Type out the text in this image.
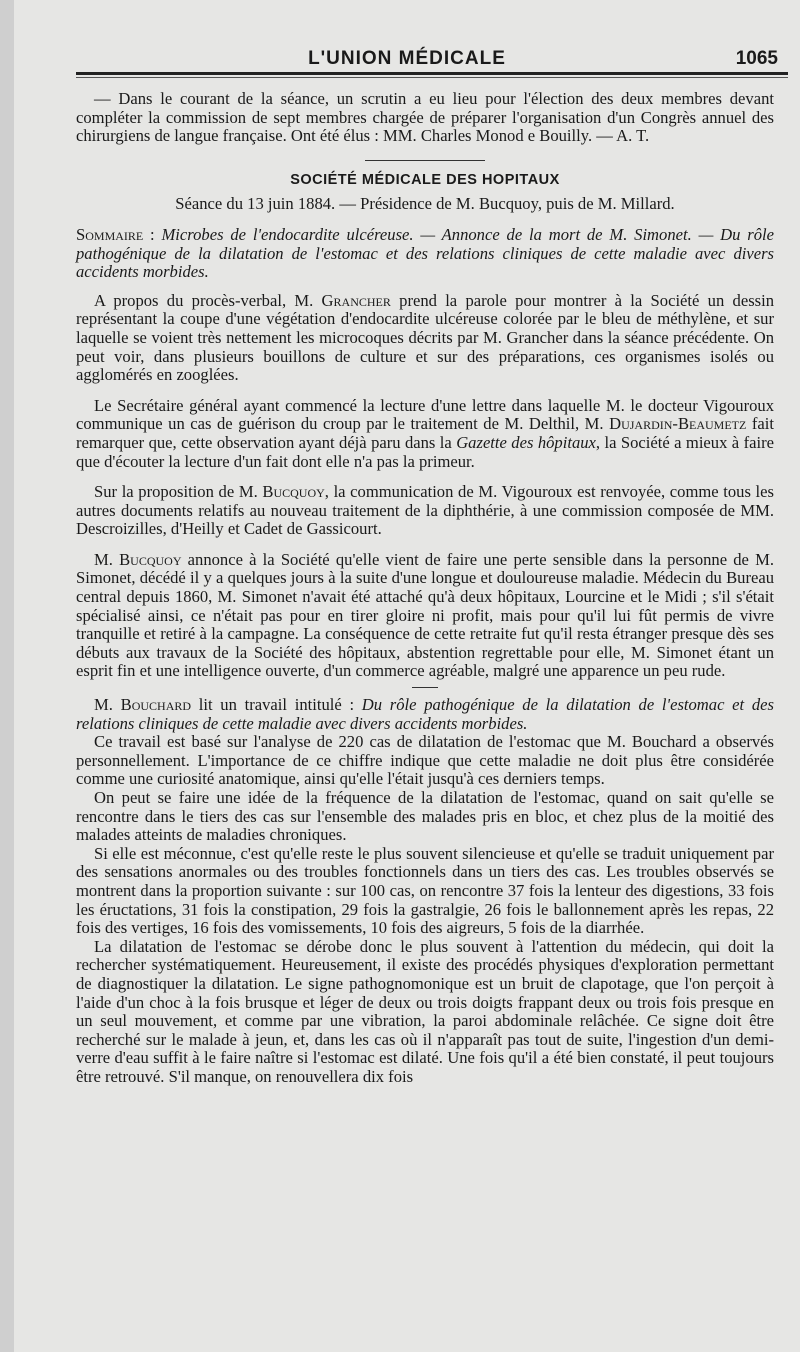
L'UNION MÉDICALE	1065

— Dans le courant de la séance, un scrutin a eu lieu pour l'élection des deux membres devant compléter la commission de sept membres chargée de préparer l'organisation d'un Congrès annuel des chirurgiens de langue française. Ont été élus : MM. Charles Monod e Bouilly. — A. T.

SOCIÉTÉ MÉDICALE DES HOPITAUX
Séance du 13 juin 1884. — Présidence de M. Bucquoy, puis de M. Millard.

Sommaire : Microbes de l'endocardite ulcéreuse. — Annonce de la mort de M. Simonet. — Du rôle pathogénique de la dilatation de l'estomac et des relations cliniques de cette maladie avec divers accidents morbides.

A propos du procès-verbal, M. Grancher prend la parole pour montrer à la Société un dessin représentant la coupe d'une végétation d'endocardite ulcéreuse colorée par le bleu de méthylène, et sur laquelle se voient très nettement les microcoques décrits par M. Grancher dans la séance précédente. On peut voir, dans plusieurs bouillons de culture et sur des préparations, ces organismes isolés ou agglomérés en zooglées.

Le Secrétaire général ayant commencé la lecture d'une lettre dans laquelle M. le docteur Vigouroux communique un cas de guérison du croup par le traitement de M. Delthil, M. Dujardin-Beaumetz fait remarquer que, cette observation ayant déjà paru dans la Gazette des hôpitaux, la Société a mieux à faire que d'écouter la lecture d'un fait dont elle n'a pas la primeur.

Sur la proposition de M. Bucquoy, la communication de M. Vigouroux est renvoyée, comme tous les autres documents relatifs au nouveau traitement de la diphthérie, à une commission composée de MM. Descroizilles, d'Heilly et Cadet de Gassicourt.

M. Bucquoy annonce à la Société qu'elle vient de faire une perte sensible dans la personne de M. Simonet, décédé il y a quelques jours à la suite d'une longue et douloureuse maladie. Médecin du Bureau central depuis 1860, M. Simonet n'avait été attaché qu'à deux hôpitaux, Lourcine et le Midi ; s'il s'était spécialisé ainsi, ce n'était pas pour en tirer gloire ni profit, mais pour qu'il lui fût permis de vivre tranquille et retiré à la campagne. La conséquence de cette retraite fut qu'il resta étranger presque dès ses débuts aux travaux de la Société des hôpitaux, abstention regrettable pour elle, M. Simonet étant un esprit fin et une intelligence ouverte, d'un commerce agréable, malgré une apparence un peu rude.

M. Bouchard lit un travail intitulé : Du rôle pathogénique de la dilatation de l'estomac et des relations cliniques de cette maladie avec divers accidents morbides.

Ce travail est basé sur l'analyse de 220 cas de dilatation de l'estomac que M. Bouchard a observés personnellement. L'importance de ce chiffre indique que cette maladie ne doit plus être considérée comme une curiosité anatomique, ainsi qu'elle l'était jusqu'à ces derniers temps.

On peut se faire une idée de la fréquence de la dilatation de l'estomac, quand on sait qu'elle se rencontre dans le tiers des cas sur l'ensemble des malades pris en bloc, et chez plus de la moitié des malades atteints de maladies chroniques.

Si elle est méconnue, c'est qu'elle reste le plus souvent silencieuse et qu'elle se traduit uniquement par des sensations anormales ou des troubles fonctionnels dans un tiers des cas. Les troubles observés se montrent dans la proportion suivante : sur 100 cas, on rencontre 37 fois la lenteur des digestions, 33 fois les éructations, 31 fois la constipation, 29 fois la gastralgie, 26 fois le ballonnement après les repas, 22 fois des vertiges, 16 fois des vomissements, 10 fois des aigreurs, 5 fois de la diarrhée.

La dilatation de l'estomac se dérobe donc le plus souvent à l'attention du médecin, qui doit la rechercher systématiquement. Heureusement, il existe des procédés physiques d'exploration permettant de diagnostiquer la dilatation. Le signe pathognomonique est un bruit de clapotage, que l'on perçoit à l'aide d'un choc à la fois brusque et léger de deux ou trois doigts frappant deux ou trois fois presque en un seul mouvement, et comme par une vibration, la paroi abdominale relâchée. Ce signe doit être recherché sur le malade à jeun, et, dans les cas où il n'apparaît pas tout de suite, l'ingestion d'un demi-verre d'eau suffit à le faire naître si l'estomac est dilaté. Une fois qu'il a été bien constaté, il peut toujours être retrouvé. S'il manque, on renouvellera dix fois
